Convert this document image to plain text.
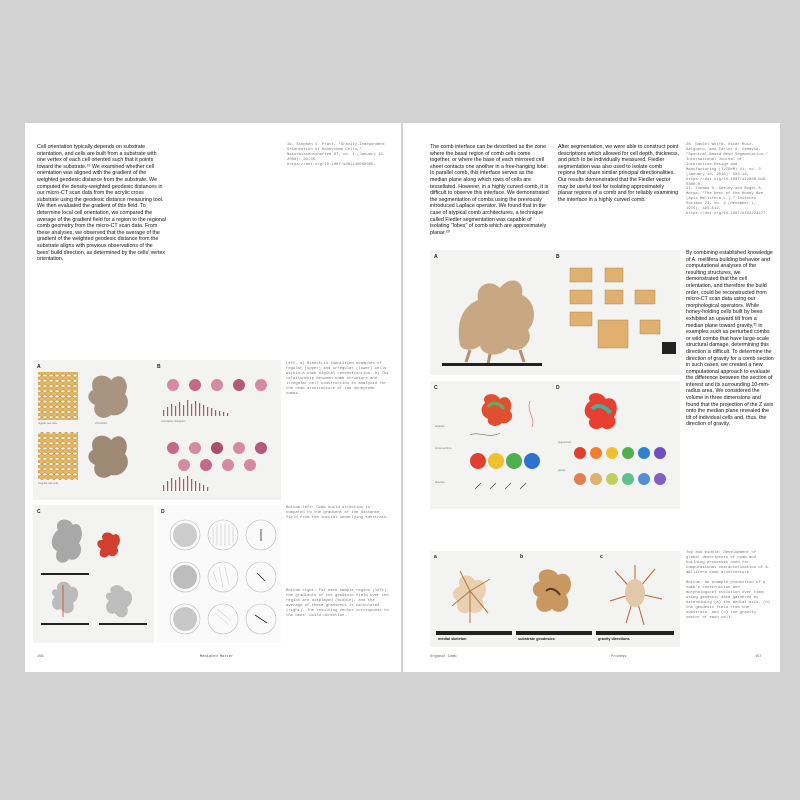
Cell orientation typically depends on substrate orientation, and cells are built from a substrate with one vertex of each cell oriented such that it points toward the substrate.¹⁹ We examined whether cell orientation was aligned with the gradient of the weighted geodesic distance from the substrate. We computed the density-weighted geodesic distances in our micro-CT scan data from the acrylic cross substrate using the geodesic distance measuring tool. We then evaluated the gradient of this field. To determine local cell orientation, we compared the average of the gradient field for a region to the regional comb geometry from the micro-CT scan data. From these analyses, we observed that the average of the gradient of the weighted geodesic distance from the substrate aligns with previous observations of the bees' build direction, as determined by the cells' vertex orientation.
19. Stephen C. Pratt, "Gravity-Independent Orientation of Honeycomb Cells," Naturwissenschaften 87, no. 1 (January 15, 2000): 33–35, https://doi.org/10.1007/s001140050005.
A	B
regular raw cells
irregular raw cells
convolved
cumulative histogram
Left, a) Bisectrix identified examples of regular (upper) and irregular (lower) cells within a comb digital reconstruction. b) The relationship between comb structure and irregular cell construction is analyzed for the comb architecture of two honeycomb combs.
C	D
Bottom left: Comb build direction is compared to the gradient of the distance field from the initial underlying substrate.
Bottom right: For each sample region (left), the gradients of the geodesic field over the region are displayed (middle), and the average of these gradients is calculated (right). The resulting vector corresponds to the bees' build direction.
156	Mediated Matter
The comb interface can be described as the zone where the basal region of comb cells come together, or where the base of each mirrored cell sheet contacts one another in a free-hanging lobe. In parallel comb, this interface serves as the median plane along which rows of cells are tessellated. However, in a highly curved comb, it is difficult to observe this interface. We demonstrated the segmentation of combs using the previously introduced Laplace operator. We found that in the case of atypical comb architectures, a technique called Fiedler segmentation was capable of isolating "lobes" of comb which are approximately planar.²⁰
After segmentation, we were able to construct point descriptions which allowed for cell depth, thickness, and pitch to be individually measured. Fiedler segmentation was also used to isolate comb regions that share similar principal directionalities. Our results demonstrated that the Fiedler vector may be useful tool for isolating approximately planar regions of a comb and for reliably examining the interface in a highly curved comb.
20. Daniel Wolfe, Oscar Ruiz-Salguero, and Carlos A. Cadavid, "Spectral-Based Mesh Segmentation," International Journal of Interactive Design and Manufacturing (IJIDeM) 11, no. 3 (January 10, 2016): 503–14, https://doi.org/10.1007/s12008-016-0300-0.
21. Thomas D. Seeley and Roger A. Morse, "The Nest of the Honey Bee (Apis Mellifera L.)," Insectes Sociaux 23, no. 4 (December 1, 1976): 495–512, https://doi.org/10.1007/bf02223477.
A	B
C	D
skeleton
cross-sections
direction
segmented
gravity
By combining established knowledge of A. mellifera building behavior and computational analyses of the resulting structures, we demonstrated that the cell orientation, and therefore the build order, could be reconstructed from micro-CT scan data using our morphological operators. While honey-holding cells built by bees exhibited an upward tilt from a median plane toward gravity,²¹ in examples such as perturbed combs or wild combs that have large-scale structural damage, determining this direction is difficult. To determine the direction of gravity for a comb section in such cases, we created a new computational approach to evaluate the difference between the section of interest and its surrounding 10-mm-radius area. We considered the volume in three dimensions and found that the projection of the Z axis onto the median plane revealed the tilt of individual cells and, thus, the direction of gravity.
a	b	c
medial skeleton	substrate geodesics	gravity directions
Top and middle: Development of global descriptors of comb and building processes used for computational characterization of A. mellifera comb architecture.
Bottom: An example prediction of a comb's construction and morphological evolution over time, using geodesic data gathered by determining (a) the medial axis, (b) the geodesic field from the substrate, and (c) the gravity vector of each cell.
Organic Comb	Process	157
